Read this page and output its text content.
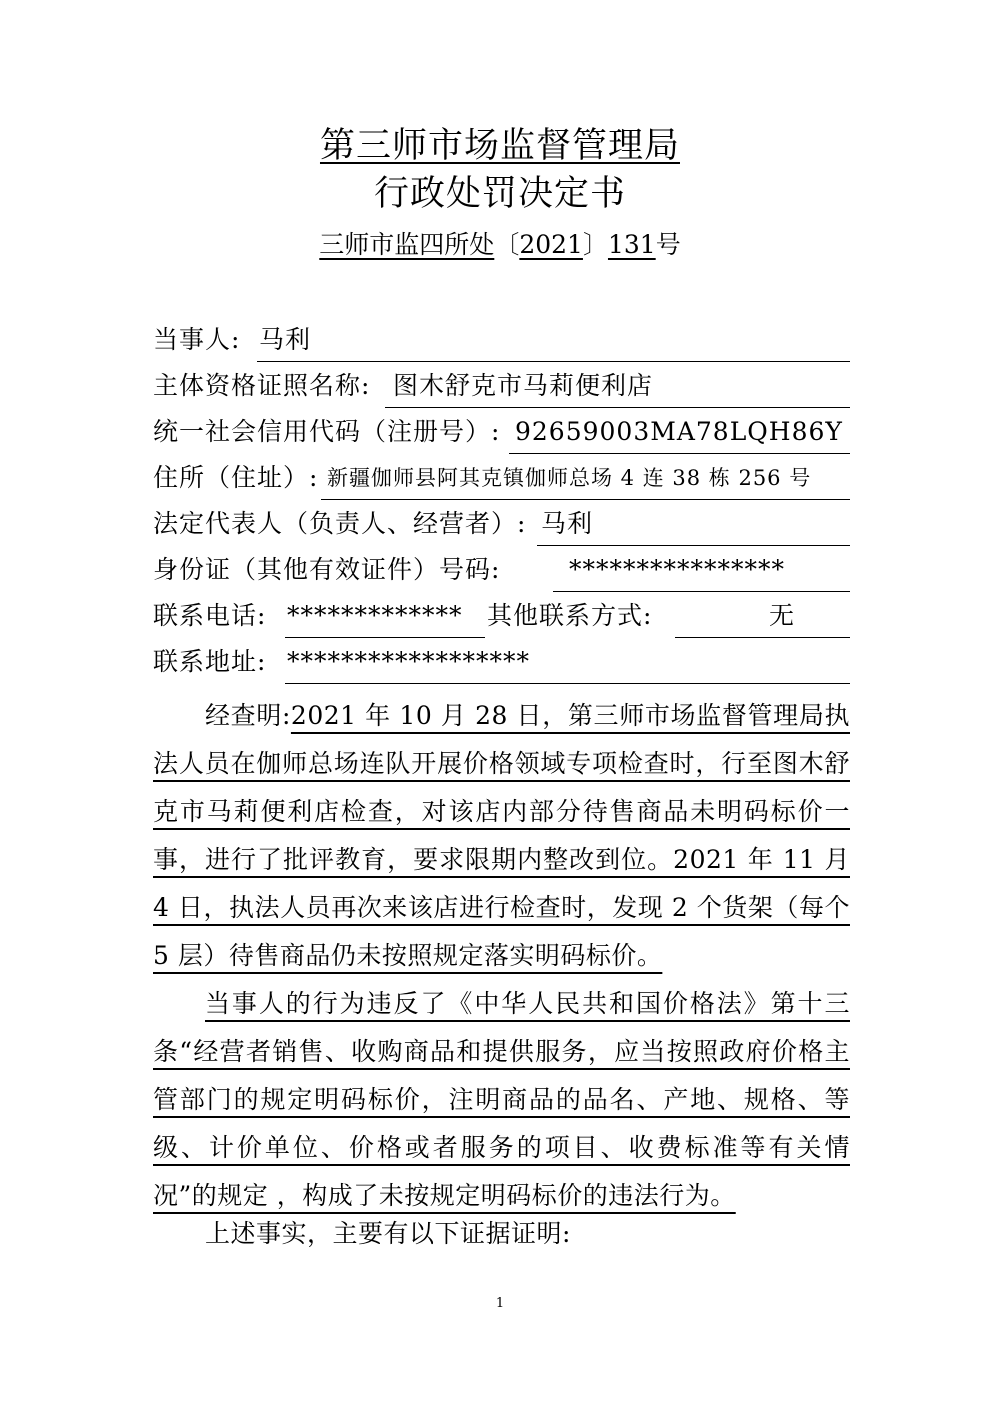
第三师市场监督管理局
行政处罚决定书
三师市监四所处〔2021〕131号
当事人: 马利
主体资格证照名称: 图木舒克市马莉便利店
统一社会信用代码（注册号）: 92659003MA78LQH86Y
住所（住址）: 新疆伽师县阿其克镇伽师总场 4 连 38 栋 256 号
法定代表人（负责人、经营者）: 马利
身份证（其他有效证件）号码:	****************
联系电话: ************* 其他联系方式:	无
联系地址: ******************
经查明:2021 年 10 月 28 日，第三师市场监督管理局执法人员在伽师总场连队开展价格领域专项检查时，行至图木舒克市马莉便利店检查，对该店内部分待售商品未明码标价一事，进行了批评教育，要求限期内整改到位。2021 年 11 月 4 日，执法人员再次来该店进行检查时，发现 2 个货架（每个 5 层）待售商品仍未按照规定落实明码标价。
当事人的行为违反了《中华人民共和国价格法》第十三条“经营者销售、收购商品和提供服务，应当按照政府价格主管部门的规定明码标价，注明商品的品名、产地、规格、等级、计价单位、价格或者服务的项目、收费标准等有关情况”的规定 ，构成了未按规定明码标价的违法行为。
上述事实，主要有以下证据证明:
1
